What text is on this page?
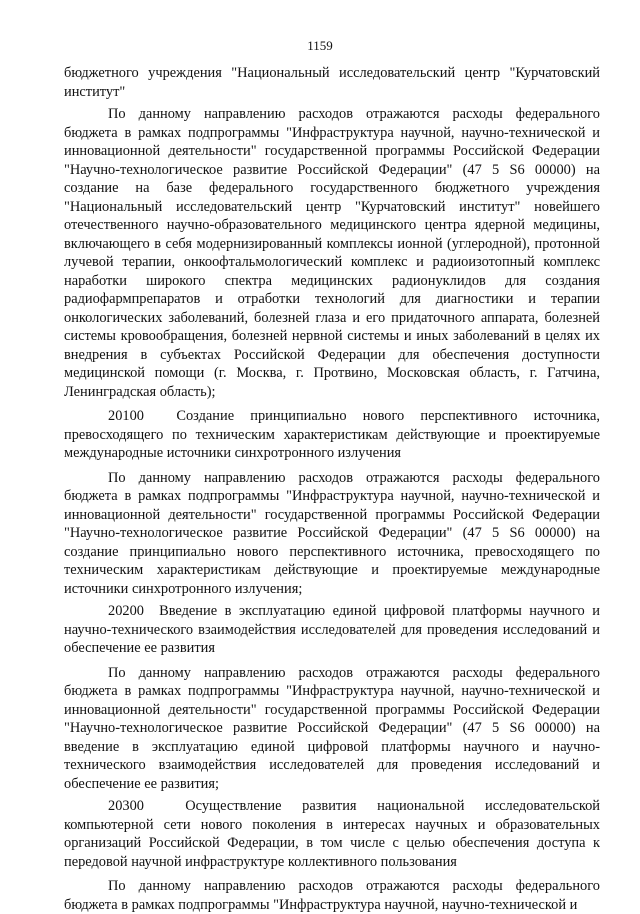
1159

бюджетного учреждения "Национальный исследовательский центр "Курчатовский институт"

По данному направлению расходов отражаются расходы федерального бюджета в рамках подпрограммы "Инфраструктура научной, научно-технической и инновационной деятельности" государственной программы Российской Федерации "Научно-технологическое развитие Российской Федерации" (47 5 S6 00000) на создание на базе федерального государственного бюджетного учреждения "Национальный исследовательский центр "Курчатовский институт" новейшего отечественного научно-образовательного медицинского центра ядерной медицины, включающего в себя модернизированный комплексы ионной (углеродной), протонной лучевой терапии, онкоофтальмологический комплекс и радиоизотопный комплекс наработки широкого спектра медицинских радионуклидов для создания радиофармпрепаратов и отработки технологий для диагностики и терапии онкологических заболеваний, болезней глаза и его придаточного аппарата, болезней системы кровообращения, болезней нервной системы и иных заболеваний в целях их внедрения в субъектах Российской Федерации для обеспечения доступности медицинской помощи (г. Москва, г. Протвино, Московская область, г. Гатчина, Ленинградская область);

20100 Создание принципиально нового перспективного источника, превосходящего по техническим характеристикам действующие и проектируемые международные источники синхротронного излучения

По данному направлению расходов отражаются расходы федерального бюджета в рамках подпрограммы "Инфраструктура научной, научно-технической и инновационной деятельности" государственной программы Российской Федерации "Научно-технологическое развитие Российской Федерации" (47 5 S6 00000) на создание принципиально нового перспективного источника, превосходящего по техническим характеристикам действующие и проектируемые международные источники синхротронного излучения;

20200 Введение в эксплуатацию единой цифровой платформы научного и научно-технического взаимодействия исследователей для проведения исследований и обеспечение ее развития

По данному направлению расходов отражаются расходы федерального бюджета в рамках подпрограммы "Инфраструктура научной, научно-технической и инновационной деятельности" государственной программы Российской Федерации "Научно-технологическое развитие Российской Федерации" (47 5 S6 00000) на введение в эксплуатацию единой цифровой платформы научного и научно-технического взаимодействия исследователей для проведения исследований и обеспечение ее развития;

20300	Осуществление развития национальной исследовательской компьютерной сети нового поколения в интересах научных и образовательных организаций Российской Федерации, в том числе с целью обеспечения доступа к передовой научной инфраструктуре коллективного пользования

По данному направлению расходов отражаются расходы федерального бюджета в рамках подпрограммы "Инфраструктура научной, научно-технической и
